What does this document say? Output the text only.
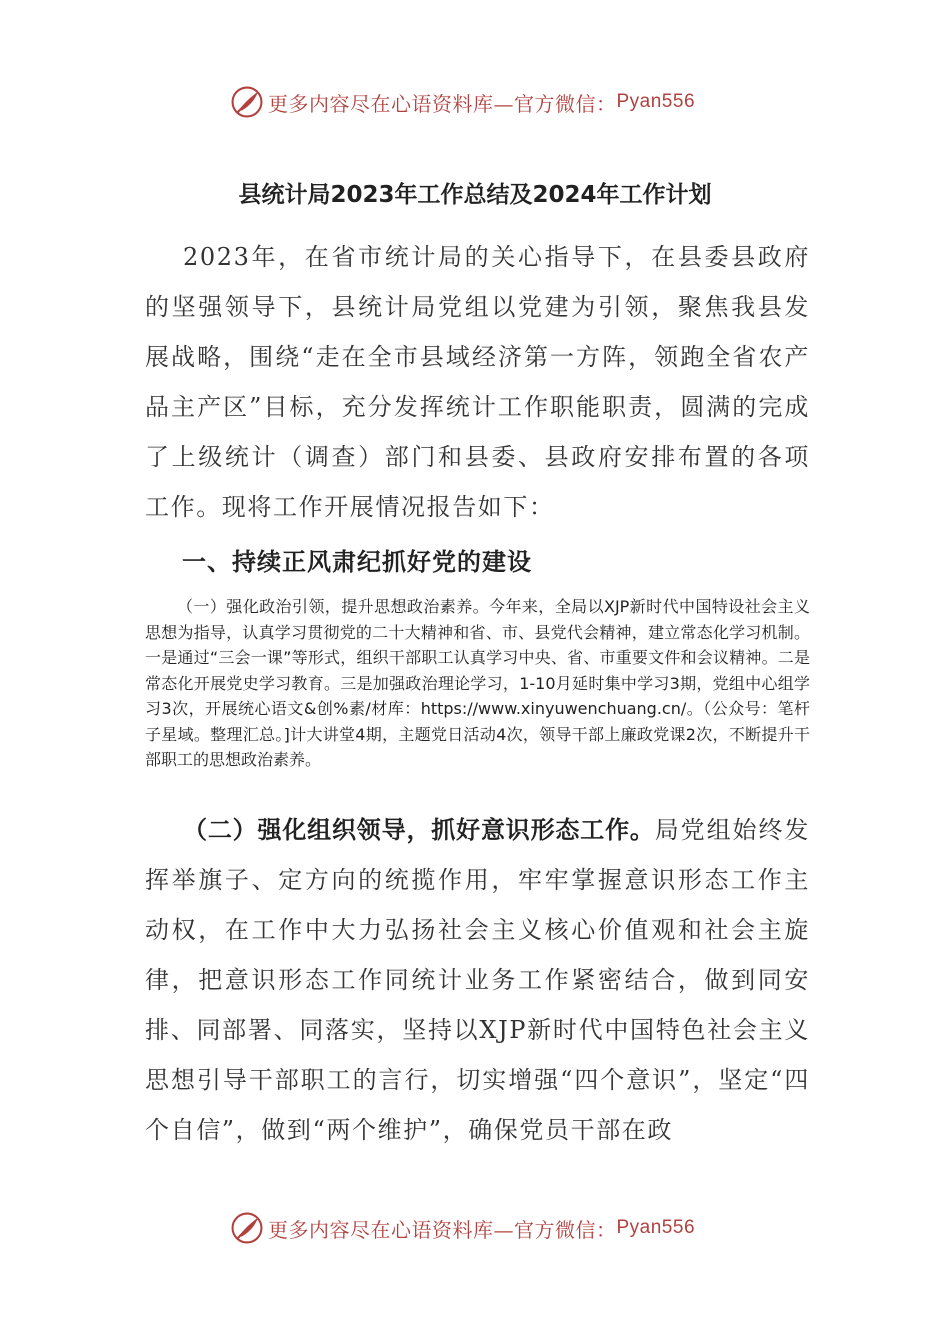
更多内容尽在心语资料库—官方微信： Pyan556
县统计局2023年工作总结及2024年工作计划

2023年，在省市统计局的关心指导下，在县委县政府的坚强领导下，县统计局党组以党建为引领，聚焦我县发展战略，围绕“走在全市县域经济第一方阵，领跑全省农产品主产区”目标，充分发挥统计工作职能职责，圆满的完成了上级统计（调查）部门和县委、县政府安排布置的各项工作。现将工作开展情况报告如下：

一、持续正风肃纪抓好党的建设

（一）强化政治引领，提升思想政治素养。今年来，全局以XJP新时代中国特设社会主义思想为指导，认真学习贯彻党的二十大精神和省、市、县党代会精神，建立常态化学习机制。一是通过“三会一课”等形式，组织干部职工认真学习中央、省、市重要文件和会议精神。二是常态化开展党史学习教育。三是加强政治理论学习，1-10月延时集中学习3期，党组中心组学习3次，开展统心语文&创%素/材库：https://www.xinyuwenchuang.cn/。（公众号：笔杆子星域。整理汇总。]计大讲堂4期，主题党日活动4次，领导干部上廉政党课2次，不断提升干部职工的思想政治素养。

（二）强化组织领导，抓好意识形态工作。局党组始终发挥举旗子、定方向的统揽作用，牢牢掌握意识形态工作主动权，在工作中大力弘扬社会主义核心价值观和社会主旋律，把意识形态工作同统计业务工作紧密结合，做到同安排、同部署、同落实，坚持以XJP新时代中国特色社会主义思想引导干部职工的言行，切实增强“四个意识”，坚定“四个自信”，做到“两个维护”，确保党员干部在政

更多内容尽在心语资料库—官方微信： Pyan556
